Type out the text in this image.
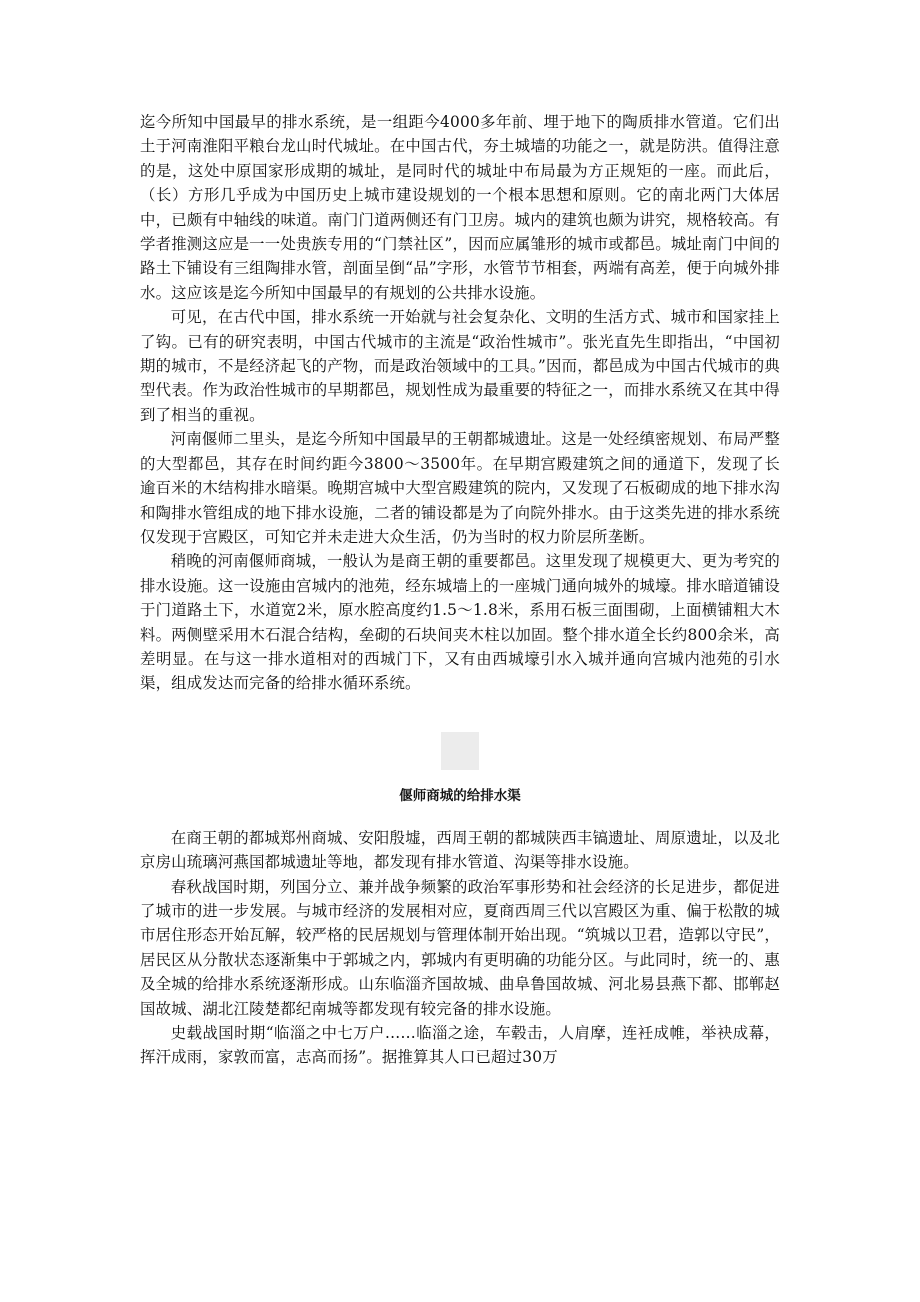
迄今所知中国最早的排水系统，是一组距今4000多年前、埋于地下的陶质排水管道。它们出土于河南淮阳平粮台龙山时代城址。在中国古代，夯土城墙的功能之一，就是防洪。值得注意的是，这处中原国家形成期的城址，是同时代的城址中布局最为方正规矩的一座。而此后，（长）方形几乎成为中国历史上城市建设规划的一个根本思想和原则。它的南北两门大体居中，已颇有中轴线的味道。南门门道两侧还有门卫房。城内的建筑也颇为讲究，规格较高。有学者推测这应是一一处贵族专用的“门禁社区”，因而应属雏形的城市或都邑。城址南门中间的路土下铺设有三组陶排水管，剖面呈倒“品”字形，水管节节相套，两端有高差，便于向城外排水。这应该是迄今所知中国最早的有规划的公共排水设施。

可见，在古代中国，排水系统一开始就与社会复杂化、文明的生活方式、城市和国家挂上了钩。已有的研究表明，中国古代城市的主流是“政治性城市”。张光直先生即指出，“中国初期的城市，不是经济起飞的产物，而是政治领域中的工具。”因而，都邑成为中国古代城市的典型代表。作为政治性城市的早期都邑，规划性成为最重要的特征之一，而排水系统又在其中得到了相当的重视。

河南偃师二里头，是迄今所知中国最早的王朝都城遗址。这是一处经缜密规划、布局严整的大型都邑，其存在时间约距今3800～3500年。在早期宫殿建筑之间的通道下，发现了长逾百米的木结构排水暗渠。晚期宫城中大型宫殿建筑的院内，又发现了石板砌成的地下排水沟和陶排水管组成的地下排水设施，二者的铺设都是为了向院外排水。由于这类先进的排水系统仅发现于宫殿区，可知它并未走进大众生活，仍为当时的权力阶层所垄断。

稍晚的河南偃师商城，一般认为是商王朝的重要都邑。这里发现了规模更大、更为考究的排水设施。这一设施由宫城内的池苑，经东城墙上的一座城门通向城外的城壕。排水暗道铺设于门道路土下，水道宽2米，原水腔高度约1.5～1.8米，系用石板三面围砌，上面横铺粗大木料。两侧壁采用木石混合结构，垒砌的石块间夹木柱以加固。整个排水道全长约800余米，高差明显。在与这一排水道相对的西城门下，又有由西城壕引水入城并通向宫城内池苑的引水渠，组成发达而完备的给排水循环系统。

偃师商城的给排水渠

在商王朝的都城郑州商城、安阳殷墟，西周王朝的都城陕西丰镐遗址、周原遗址，以及北京房山琉璃河燕国都城遗址等地，都发现有排水管道、沟渠等排水设施。

春秋战国时期，列国分立、兼并战争频繁的政治军事形势和社会经济的长足进步，都促进了城市的进一步发展。与城市经济的发展相对应，夏商西周三代以宫殿区为重、偏于松散的城市居住形态开始瓦解，较严格的民居规划与管理体制开始出现。“筑城以卫君，造郭以守民”，居民区从分散状态逐渐集中于郭城之内，郭城内有更明确的功能分区。与此同时，统一的、惠及全城的给排水系统逐渐形成。山东临淄齐国故城、曲阜鲁国故城、河北易县燕下都、邯郸赵国故城、湖北江陵楚都纪南城等都发现有较完备的排水设施。

史载战国时期“临淄之中七万户……临淄之途，车毂击，人肩摩，连衽成帷，举袂成幕，挥汗成雨，家敦而富，志高而扬”。据推算其人口已超过30万
